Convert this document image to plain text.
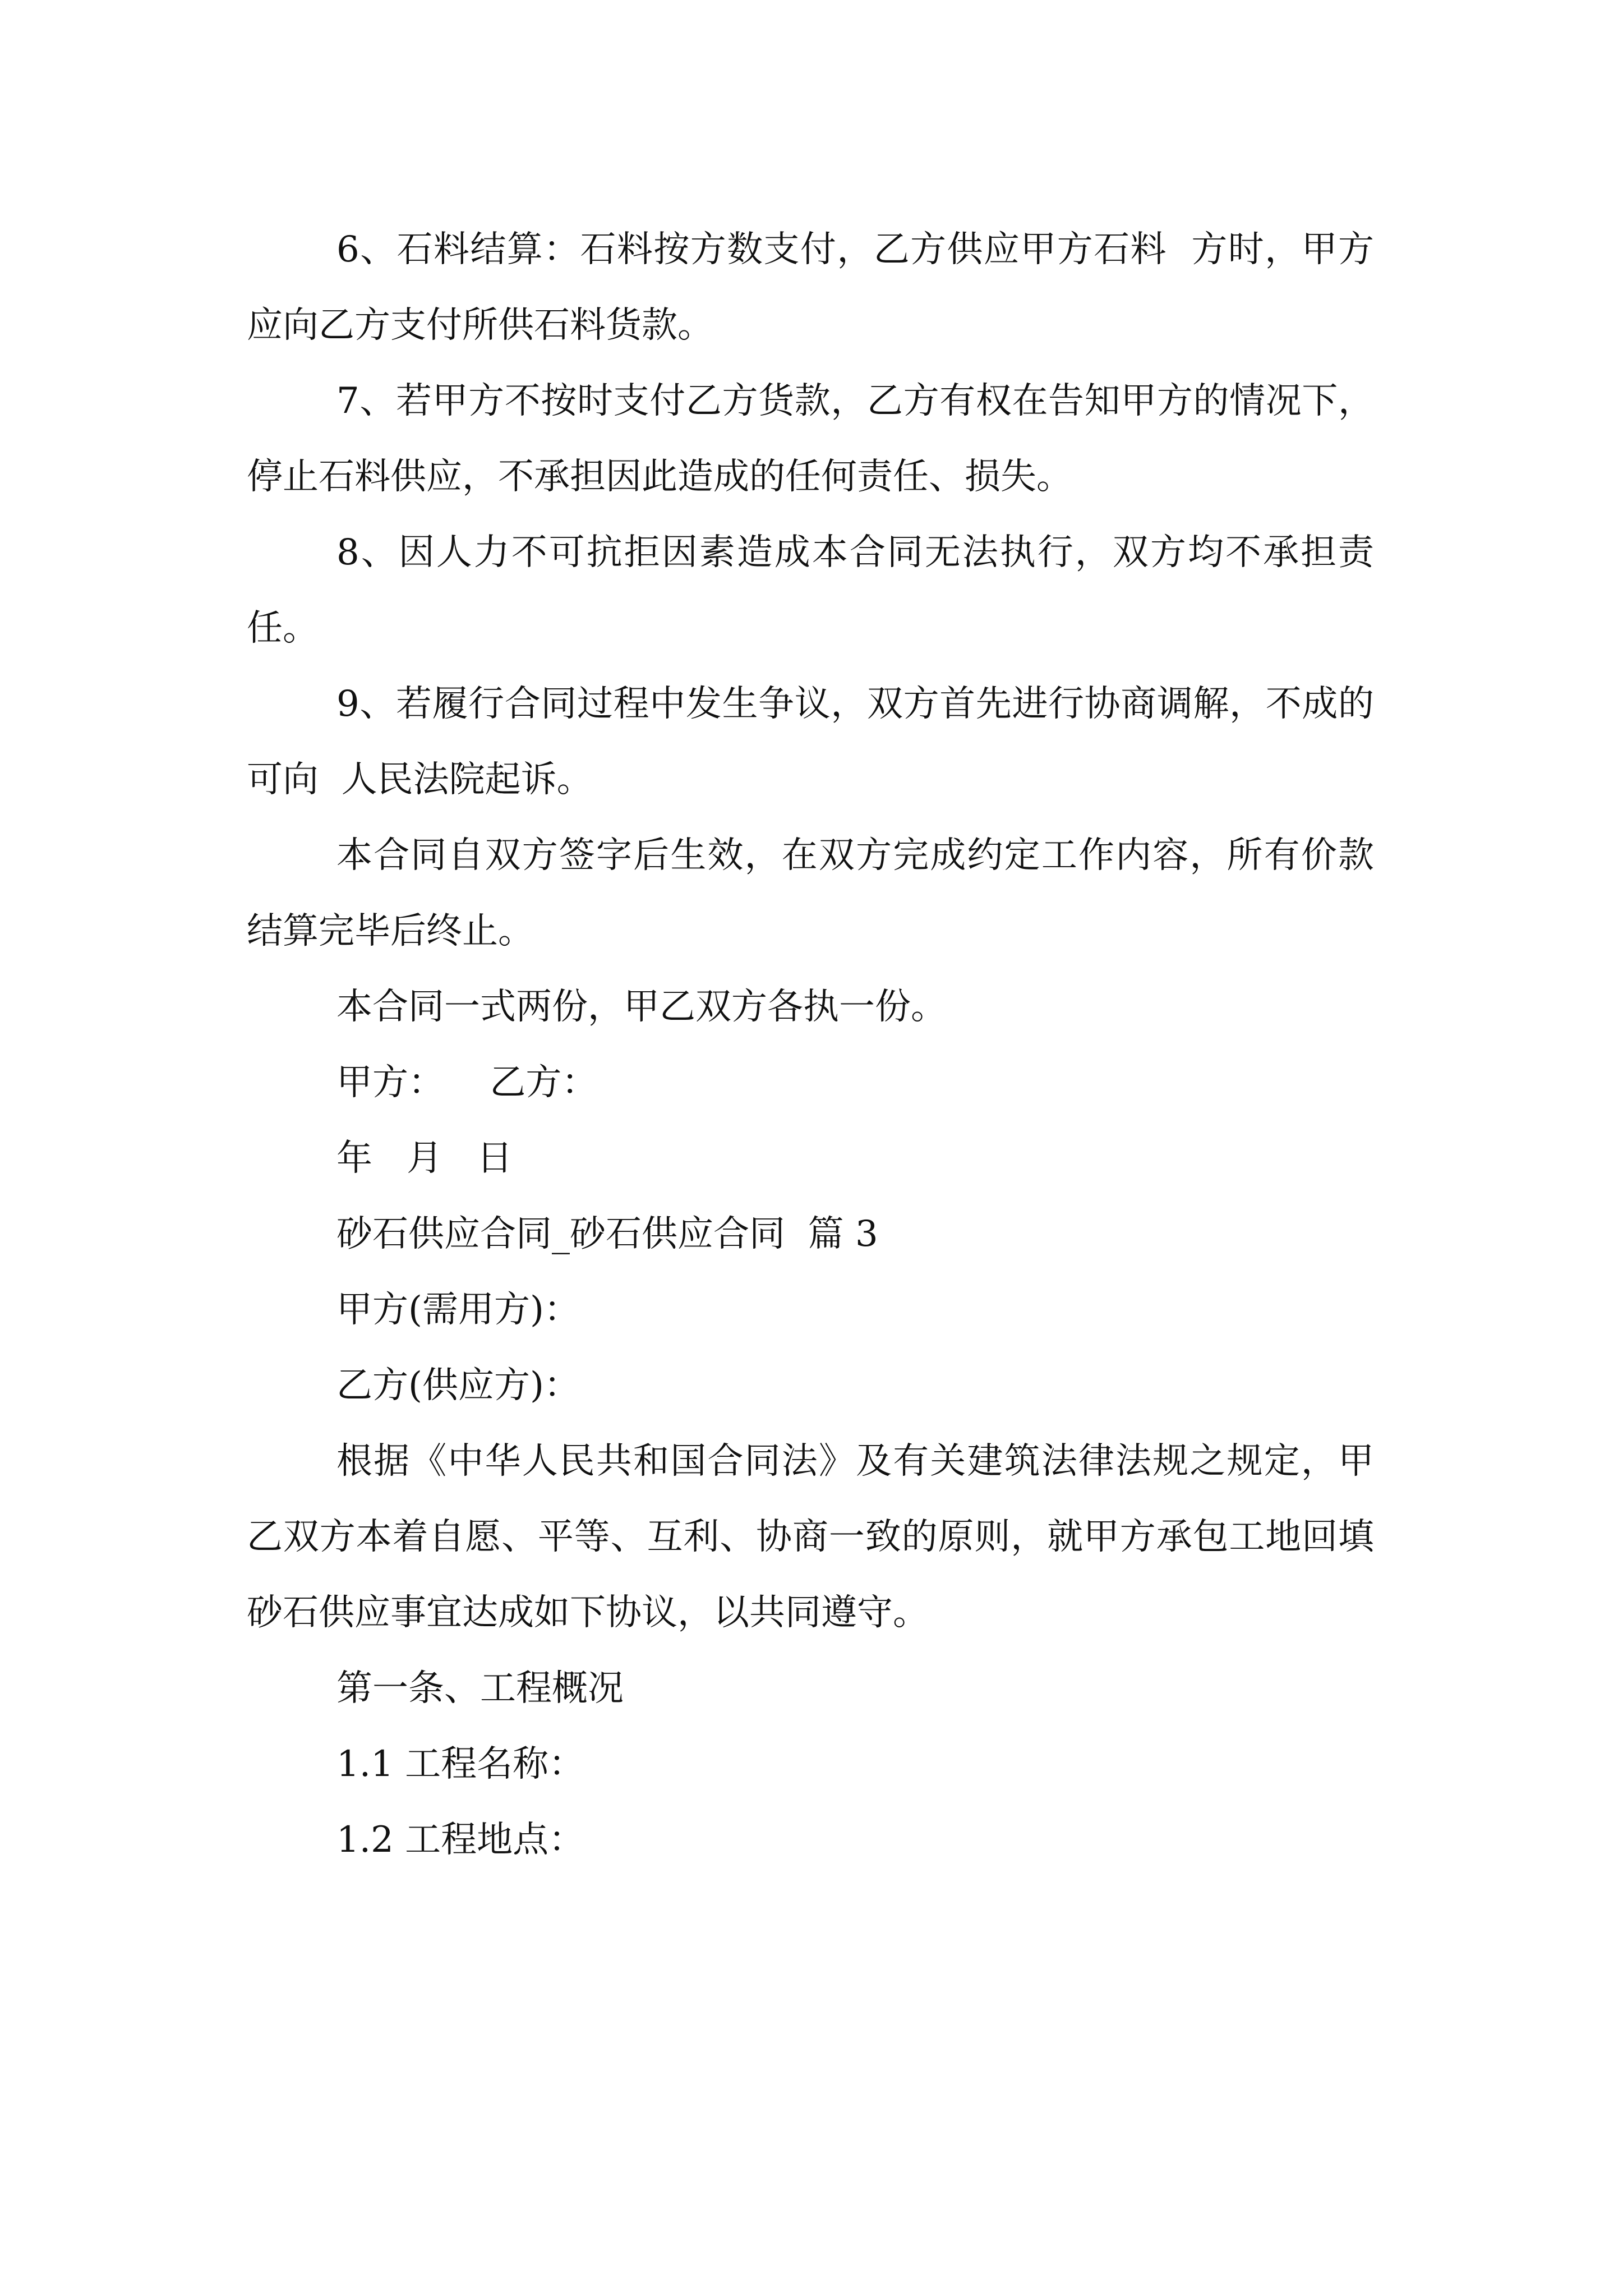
6、石料结算：石料按方数支付，乙方供应甲方石料  方时，甲方应向乙方支付所供石料货款。

7、若甲方不按时支付乙方货款，乙方有权在告知甲方的情况下，停止石料供应，不承担因此造成的任何责任、损失。

8、因人力不可抗拒因素造成本合同无法执行，双方均不承担责任。

9、若履行合同过程中发生争议，双方首先进行协商调解，不成的可向  人民法院起诉。

本合同自双方签字后生效，在双方完成约定工作内容，所有价款结算完毕后终止。

本合同一式两份，甲乙双方各执一份。

甲方：    乙方：

年   月   日

砂石供应合同_砂石供应合同  篇 3

甲方(需用方)：

乙方(供应方)：

根据《中华人民共和国合同法》及有关建筑法律法规之规定，甲乙双方本着自愿、平等、互利、协商一致的原则，就甲方承包工地回填砂石供应事宜达成如下协议，以共同遵守。

第一条、工程概况

1.1 工程名称：

1.2 工程地点：
